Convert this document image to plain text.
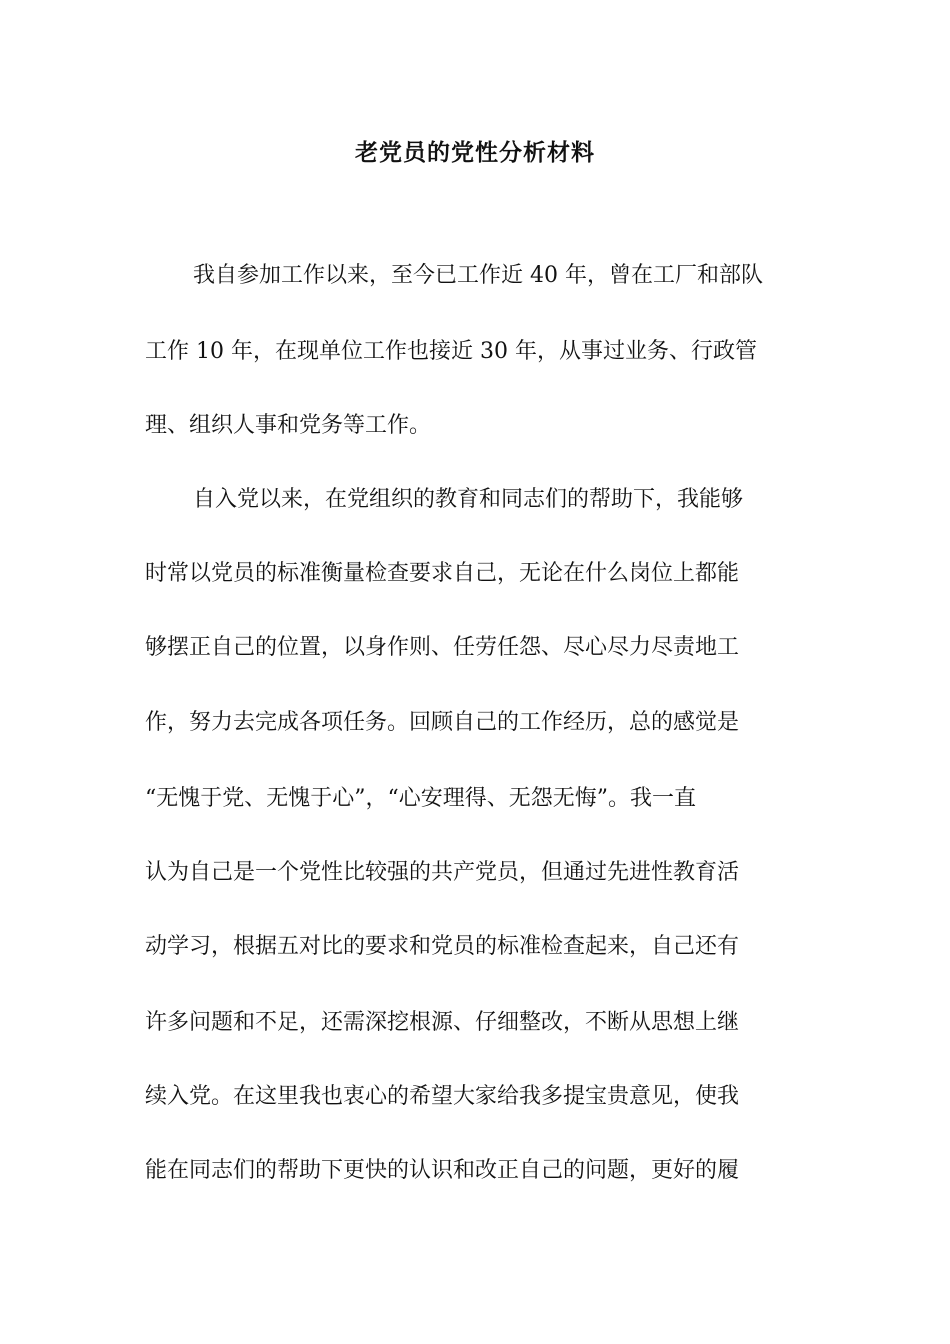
老党员的党性分析材料
我自参加工作以来，至今已工作近 40 年，曾在工厂和部队
工作 10 年，在现单位工作也接近 30 年，从事过业务、行政管
理、组织人事和党务等工作。
自入党以来，在党组织的教育和同志们的帮助下，我能够
时常以党员的标准衡量检查要求自己，无论在什么岗位上都能
够摆正自己的位置，以身作则、任劳任怨、尽心尽力尽责地工
作，努力去完成各项任务。回顾自己的工作经历，总的感觉是
“无愧于党、无愧于心”，“心安理得、无怨无悔”。我一直
认为自己是一个党性比较强的共产党员，但通过先进性教育活
动学习，根据五对比的要求和党员的标准检查起来，自己还有
许多问题和不足，还需深挖根源、仔细整改，不断从思想上继
续入党。在这里我也衷心的希望大家给我多提宝贵意见，使我
能在同志们的帮助下更快的认识和改正自己的问题，更好的履
